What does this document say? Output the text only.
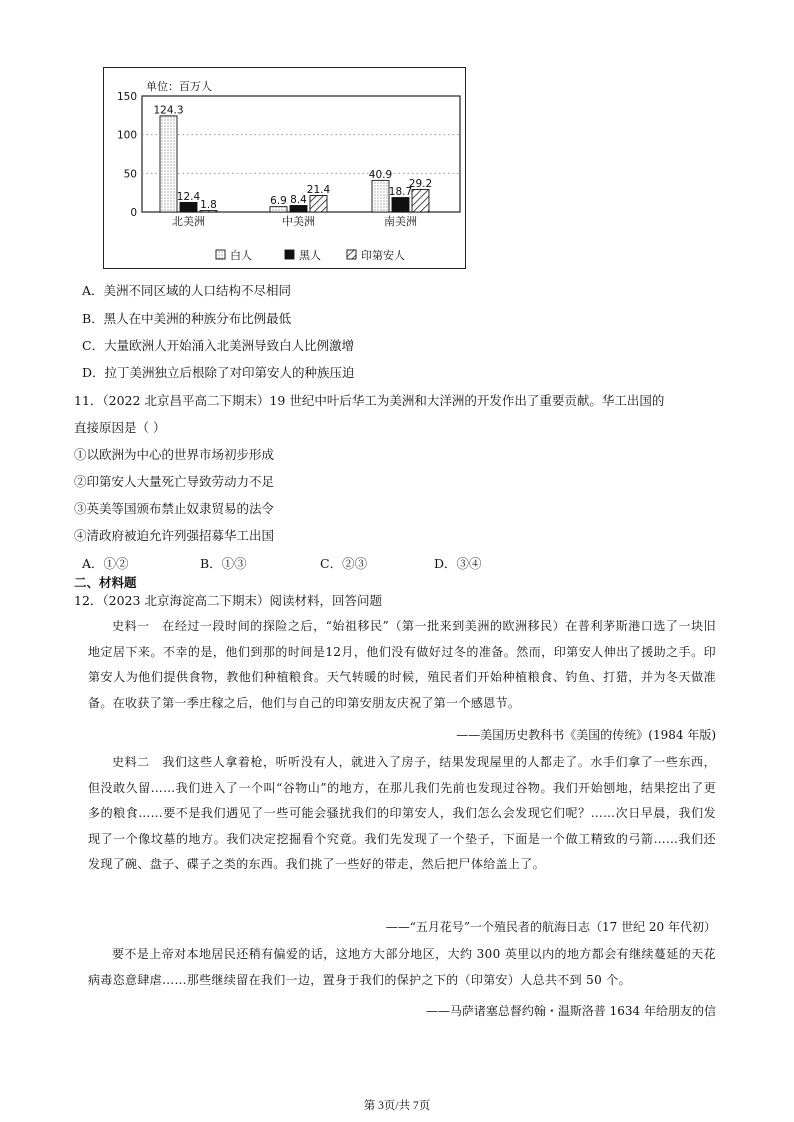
单位：百万人
150
100
50
0
124.3
12.4
1.8
北美洲
6.9 8.4
21.4
中美洲
40.9
18.7
29.2
南美洲
白人	黑人	印第安人
A．美洲不同区域的人口结构不尽相同
B．黑人在中美洲的种族分布比例最低
C．大量欧洲人开始涌入北美洲导致白人比例激增
D．拉丁美洲独立后根除了对印第安人的种族压迫
11．（2022 北京昌平高二下期末）19 世纪中叶后华工为美洲和大洋洲的开发作出了重要贡献。华工出国的
直接原因是（ ）
①以欧洲为中心的世界市场初步形成
②印第安人大量死亡导致劳动力不足
③英美等国颁布禁止奴隶贸易的法令
④清政府被迫允许列强招募华工出国
A．①②	B．①③	C．②③	D．③④
二、材料题
12．（2023 北京海淀高二下期末）阅读材料，回答问题
史料一　在经过一段时间的探险之后，“始祖移民”（第一批来到美洲的欧洲移民）在普利茅斯港口选了一块旧地定居下来。不幸的是，他们到那的时间是12月，他们没有做好过冬的准备。然而，印第安人伸出了援助之手。印第安人为他们提供食物，教他们种植粮食。天气转暖的时候，殖民者们开始种植粮食、钓鱼、打猎，并为冬天做准备。在收获了第一季庄稼之后，他们与自己的印第安朋友庆祝了第一个感恩节。
——美国历史教科书《美国的传统》(1984 年版)
史料二　我们这些人拿着枪，听听没有人，就进入了房子，结果发现屋里的人都走了。水手们拿了一些东西，但没敢久留……我们进入了一个叫“谷物山”的地方，在那儿我们先前也发现过谷物。我们开始刨地，结果挖出了更多的粮食……要不是我们遇见了一些可能会骚扰我们的印第安人，我们怎么会发现它们呢？……次日早晨，我们发现了一个像坟墓的地方。我们决定挖掘看个究竟。我们先发现了一个垫子，下面是一个做工精致的弓箭……我们还发现了碗、盘子、碟子之类的东西。我们挑了一些好的带走，然后把尸体给盖上了。
——“五月花号”一个殖民者的航海日志（17 世纪 20 年代初）
要不是上帝对本地居民还稍有偏爱的话，这地方大部分地区，大约 300 英里以内的地方都会有继续蔓延的天花病毒恣意肆虐……那些继续留在我们一边，置身于我们的保护之下的（印第安）人总共不到 50 个。
——马萨诸塞总督约翰・温斯洛普 1634 年给朋友的信
第 3页/共 7页
